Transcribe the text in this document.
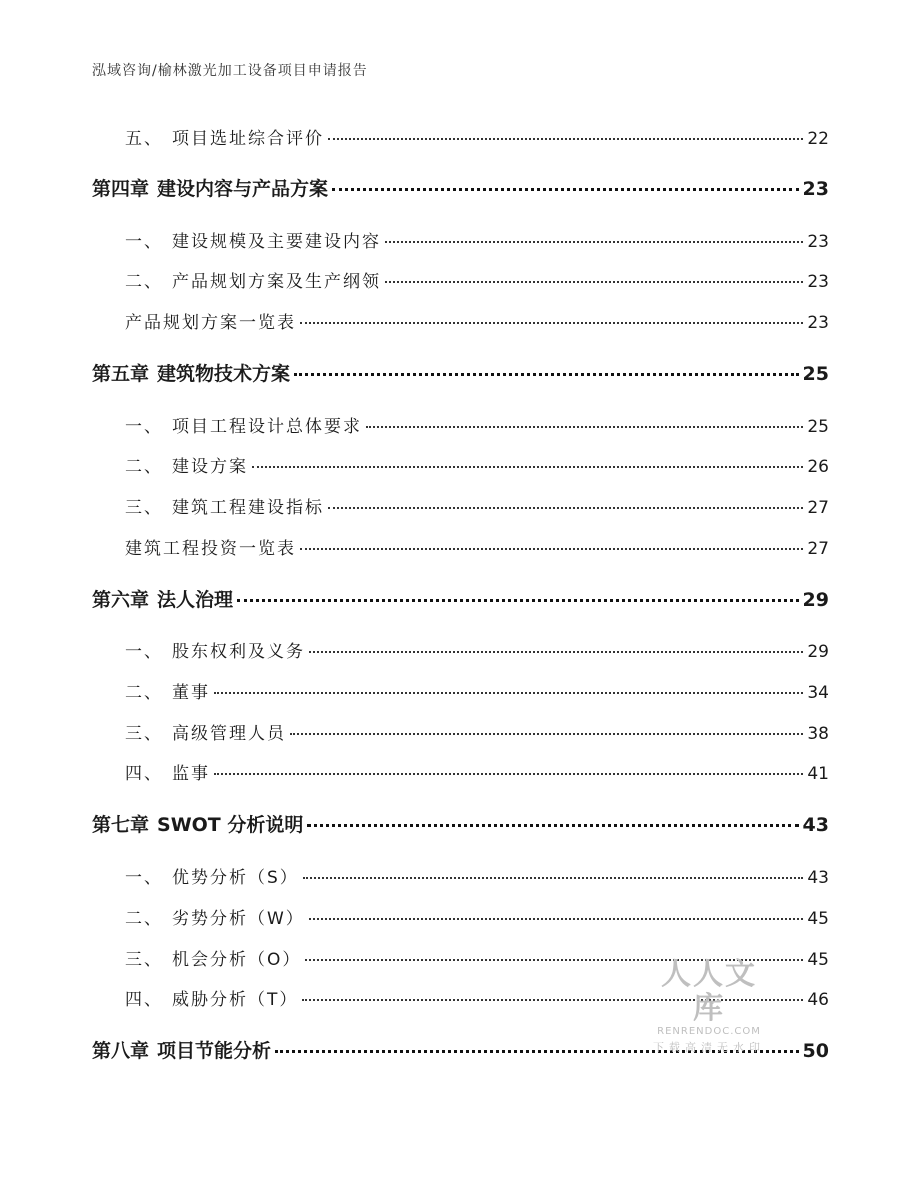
泓域咨询/榆林激光加工设备项目申请报告
五、 项目选址综合评价	22
第四章 建设内容与产品方案	23
一、 建设规模及主要建设内容	23
二、 产品规划方案及生产纲领	23
产品规划方案一览表	23
第五章 建筑物技术方案	25
一、 项目工程设计总体要求	25
二、 建设方案	26
三、 建筑工程建设指标	27
建筑工程投资一览表	27
第六章 法人治理	29
一、 股东权利及义务	29
二、 董事	34
三、 高级管理人员	38
四、 监事	41
第七章 SWOT 分析说明	43
一、 优势分析（S）	43
二、 劣势分析（W）	45
三、 机会分析（O）	45
四、 威胁分析（T）	46
第八章 项目节能分析	50
人人文库
RENRENDOC.COM
下载高清无水印
